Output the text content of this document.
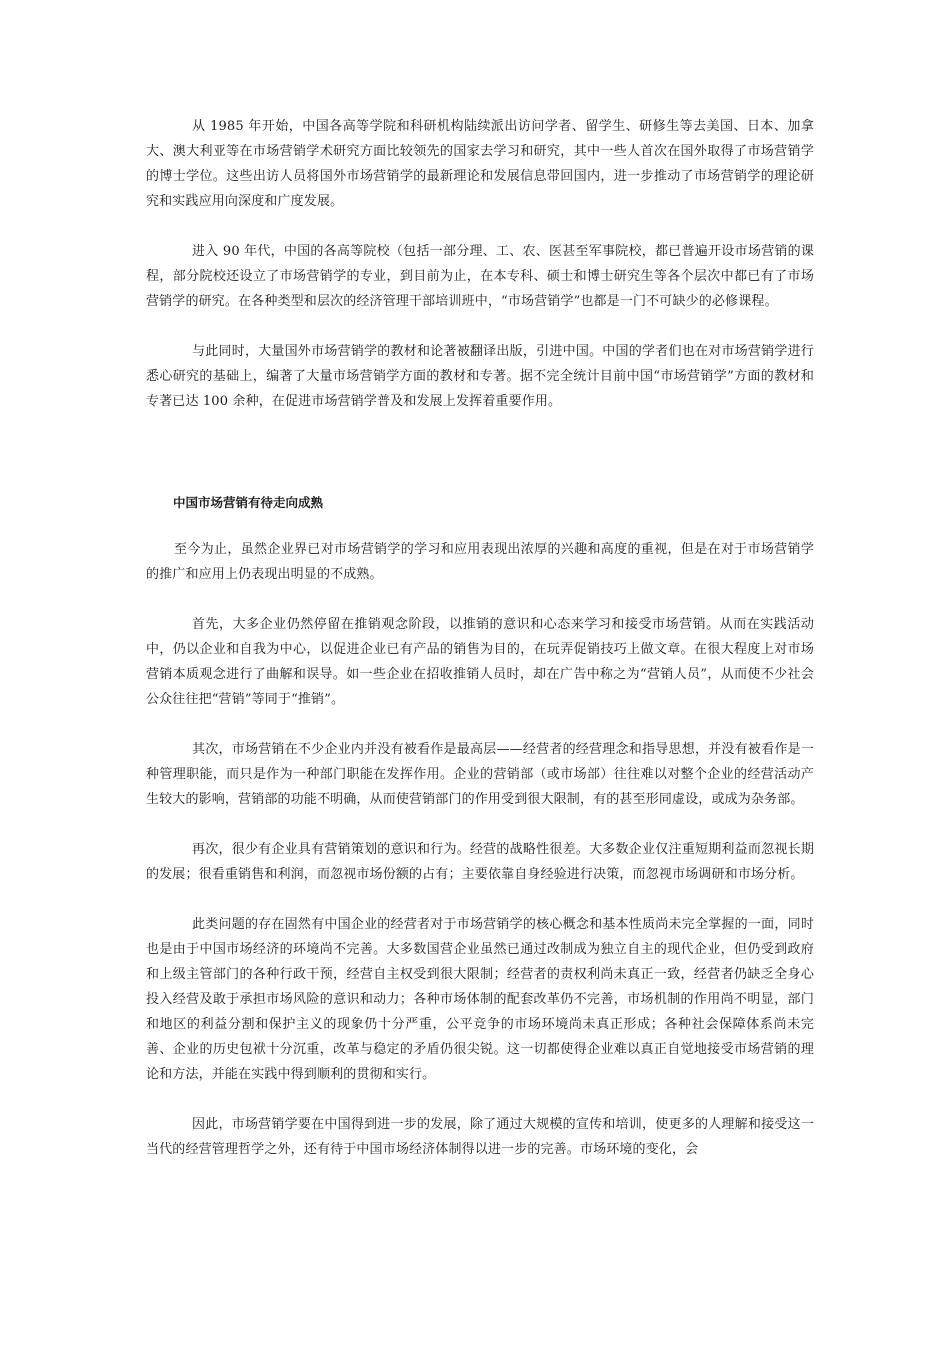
从 1985 年开始，中国各高等学院和科研机构陆续派出访问学者、留学生、研修生等去美国、日本、加拿大、澳大利亚等在市场营销学术研究方面比较领先的国家去学习和研究，其中一些人首次在国外取得了市场营销学的博士学位。这些出访人员将国外市场营销学的最新理论和发展信息带回国内，进一步推动了市场营销学的理论研究和实践应用向深度和广度发展。

进入 90 年代，中国的各高等院校（包括一部分理、工、农、医甚至军事院校，都已普遍开设市场营销的课程，部分院校还设立了市场营销学的专业，到目前为止，在本专科、硕士和博士研究生等各个层次中都已有了市场营销学的研究。在各种类型和层次的经济管理干部培训班中，“市场营销学”也都是一门不可缺少的必修课程。

与此同时，大量国外市场营销学的教材和论著被翻译出版，引进中国。中国的学者们也在对市场营销学进行悉心研究的基础上，编著了大量市场营销学方面的教材和专著。据不完全统计目前中国“市场营销学”方面的教材和专著已达 100 余种，在促进市场营销学普及和发展上发挥着重要作用。

中国市场营销有待走向成熟

至今为止，虽然企业界已对市场营销学的学习和应用表现出浓厚的兴趣和高度的重视，但是在对于市场营销学的推广和应用上仍表现出明显的不成熟。

首先，大多企业仍然停留在推销观念阶段，以推销的意识和心态来学习和接受市场营销。从而在实践活动中，仍以企业和自我为中心，以促进企业已有产品的销售为目的，在玩弄促销技巧上做文章。在很大程度上对市场营销本质观念进行了曲解和误导。如一些企业在招收推销人员时，却在广告中称之为“营销人员”，从而使不少社会公众往往把“营销”等同于“推销”。

其次，市场营销在不少企业内并没有被看作是最高层——经营者的经营理念和指导思想，并没有被看作是一种管理职能，而只是作为一种部门职能在发挥作用。企业的营销部（或市场部）往往难以对整个企业的经营活动产生较大的影响，营销部的功能不明确，从而使营销部门的作用受到很大限制，有的甚至形同虚设，或成为杂务部。

再次，很少有企业具有营销策划的意识和行为。经营的战略性很差。大多数企业仅注重短期利益而忽视长期的发展；很看重销售和利润，而忽视市场份额的占有；主要依靠自身经验进行决策，而忽视市场调研和市场分析。

此类问题的存在固然有中国企业的经营者对于市场营销学的核心概念和基本性质尚未完全掌握的一面，同时也是由于中国市场经济的环境尚不完善。大多数国营企业虽然已通过改制成为独立自主的现代企业，但仍受到政府和上级主管部门的各种行政干预，经营自主权受到很大限制；经营者的责权利尚未真正一致，经营者仍缺乏全身心投入经营及敢于承担市场风险的意识和动力；各种市场体制的配套改革仍不完善，市场机制的作用尚不明显，部门和地区的利益分割和保护主义的现象仍十分严重，公平竞争的市场环境尚未真正形成；各种社会保障体系尚未完善、企业的历史包袱十分沉重，改革与稳定的矛盾仍很尖锐。这一切都使得企业难以真正自觉地接受市场营销的理论和方法，并能在实践中得到顺利的贯彻和实行。

因此，市场营销学要在中国得到进一步的发展，除了通过大规模的宣传和培训，使更多的人理解和接受这一当代的经营管理哲学之外，还有待于中国市场经济体制得以进一步的完善。市场环境的变化，会
